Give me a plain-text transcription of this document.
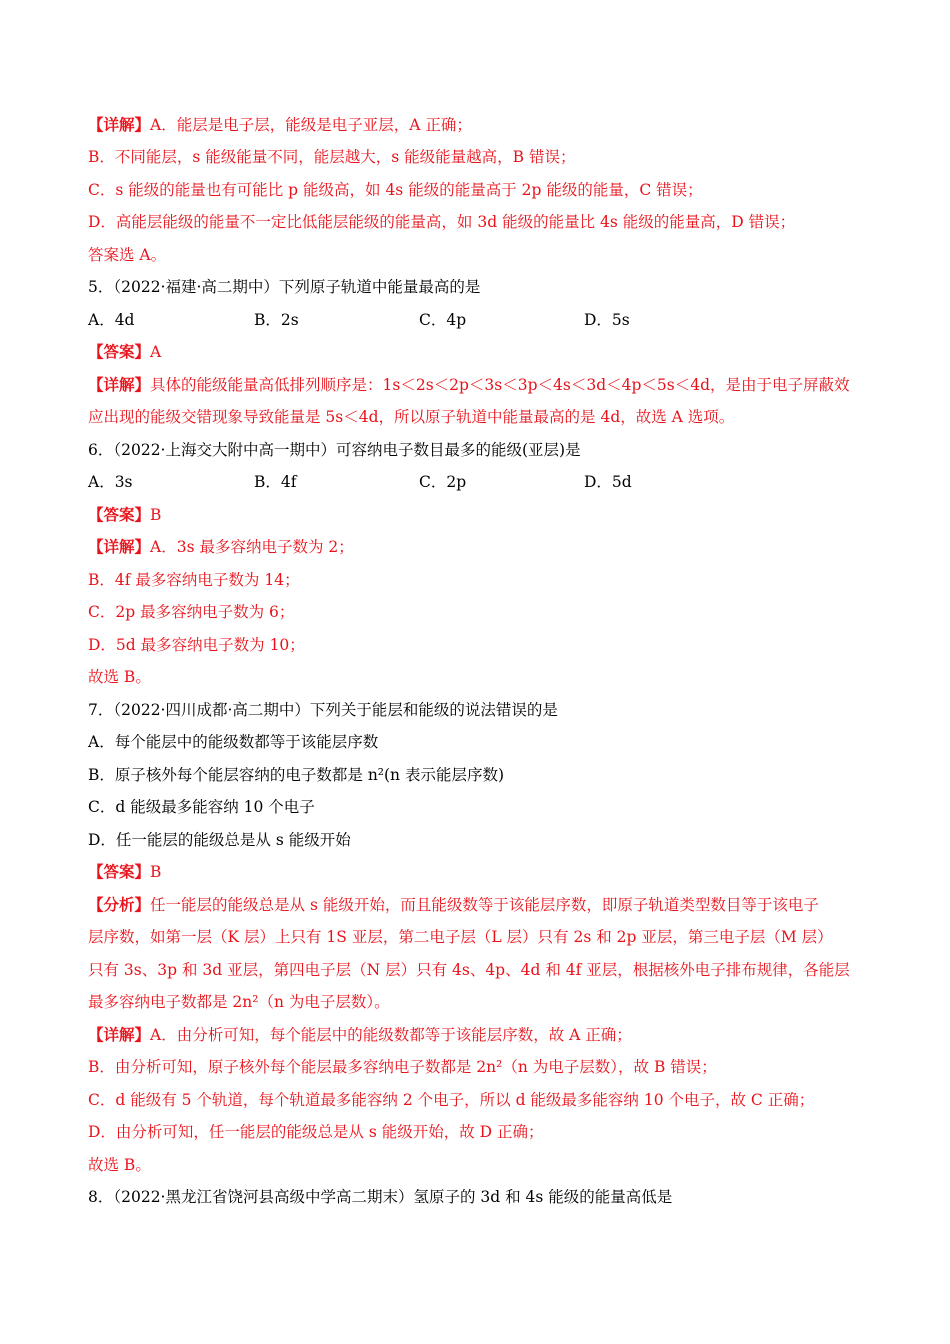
【详解】A．能层是电子层，能级是电子亚层，A 正确；
B．不同能层，s 能级能量不同，能层越大，s 能级能量越高，B 错误；
C．s 能级的能量也有可能比 p 能级高，如 4s 能级的能量高于 2p 能级的能量，C 错误；
D．高能层能级的能量不一定比低能层能级的能量高，如 3d 能级的能量比 4s 能级的能量高，D 错误；
答案选 A。
5．（2022·福建·高二期中）下列原子轨道中能量最高的是
【答案】A
【详解】具体的能级能量高低排列顺序是：1s＜2s＜2p＜3s＜3p＜4s＜3d＜4p＜5s＜4d，是由于电子屏蔽效
应出现的能级交错现象导致能量是 5s＜4d，所以原子轨道中能量最高的是 4d，故选 A 选项。
6．（2022·上海交大附中高一期中）可容纳电子数目最多的能级(亚层)是
【答案】B
【详解】A．3s 最多容纳电子数为 2；
B．4f 最多容纳电子数为 14；
C．2p 最多容纳电子数为 6；
D．5d 最多容纳电子数为 10；
故选 B。
7．（2022·四川成都·高二期中）下列关于能层和能级的说法错误的是
A．每个能层中的能级数都等于该能层序数
B．原子核外每个能层容纳的电子数都是 n²(n 表示能层序数)
C．d 能级最多能容纳 10 个电子
D．任一能层的能级总是从 s 能级开始
【答案】B
【分析】任一能层的能级总是从 s 能级开始，而且能级数等于该能层序数，即原子轨道类型数目等于该电子
层序数，如第一层（K 层）上只有 1S 亚层，第二电子层（L 层）只有 2s 和 2p 亚层，第三电子层（M 层）
只有 3s、3p 和 3d 亚层，第四电子层（N 层）只有 4s、4p、4d 和 4f 亚层，根据核外电子排布规律，各能层
最多容纳电子数都是 2n²（n 为电子层数）。
【详解】A．由分析可知，每个能层中的能级数都等于该能层序数，故 A 正确；
B．由分析可知，原子核外每个能层最多容纳电子数都是 2n²（n 为电子层数），故 B 错误；
C．d 能级有 5 个轨道，每个轨道最多能容纳 2 个电子，所以 d 能级最多能容纳 10 个电子，故 C 正确；
D．由分析可知，任一能层的能级总是从 s 能级开始，故 D 正确；
故选 B。
8．（2022·黑龙江省饶河县高级中学高二期末）氢原子的 3d 和 4s 能级的能量高低是
A．4d	B．2s	C．4p	D．5s
A．3s	B．4f	C．2p	D．5d
